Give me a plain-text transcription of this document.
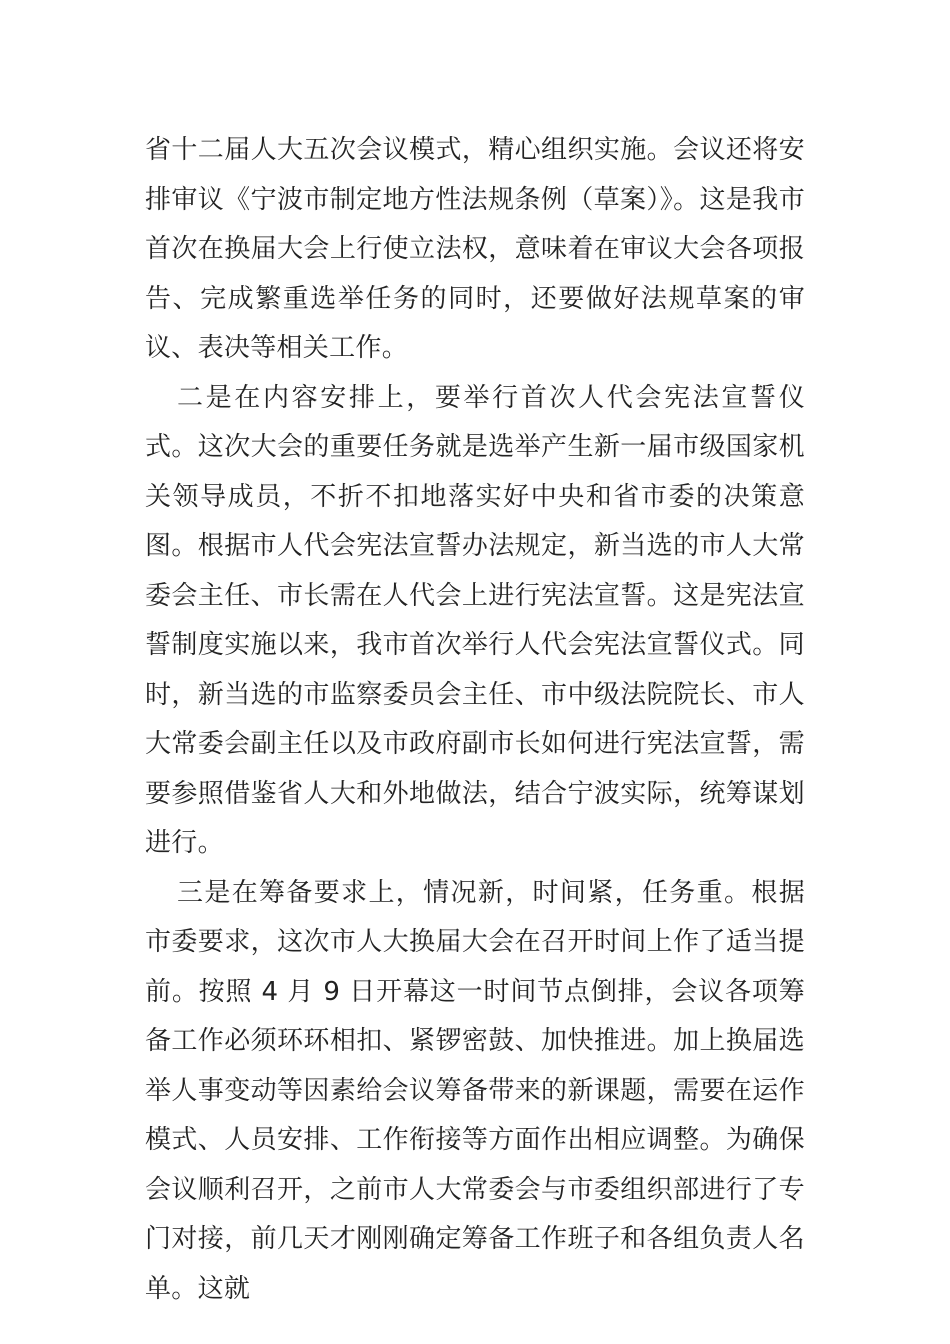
省十二届人大五次会议模式，精心组织实施。会议还将安排审议《宁波市制定地方性法规条例（草案）》。这是我市首次在换届大会上行使立法权，意味着在审议大会各项报告、完成繁重选举任务的同时，还要做好法规草案的审议、表决等相关工作。

二是在内容安排上，要举行首次人代会宪法宣誓仪式。这次大会的重要任务就是选举产生新一届市级国家机关领导成员，不折不扣地落实好中央和省市委的决策意图。根据市人代会宪法宣誓办法规定，新当选的市人大常委会主任、市长需在人代会上进行宪法宣誓。这是宪法宣誓制度实施以来，我市首次举行人代会宪法宣誓仪式。同时，新当选的市监察委员会主任、市中级法院院长、市人大常委会副主任以及市政府副市长如何进行宪法宣誓，需要参照借鉴省人大和外地做法，结合宁波实际，统筹谋划进行。

三是在筹备要求上，情况新，时间紧，任务重。根据市委要求，这次市人大换届大会在召开时间上作了适当提前。按照 4 月 9 日开幕这一时间节点倒排，会议各项筹备工作必须环环相扣、紧锣密鼓、加快推进。加上换届选举人事变动等因素给会议筹备带来的新课题，需要在运作模式、人员安排、工作衔接等方面作出相应调整。为确保会议顺利召开，之前市人大常委会与市委组织部进行了专门对接，前几天才刚刚确定筹备工作班子和各组负责人名单。这就
